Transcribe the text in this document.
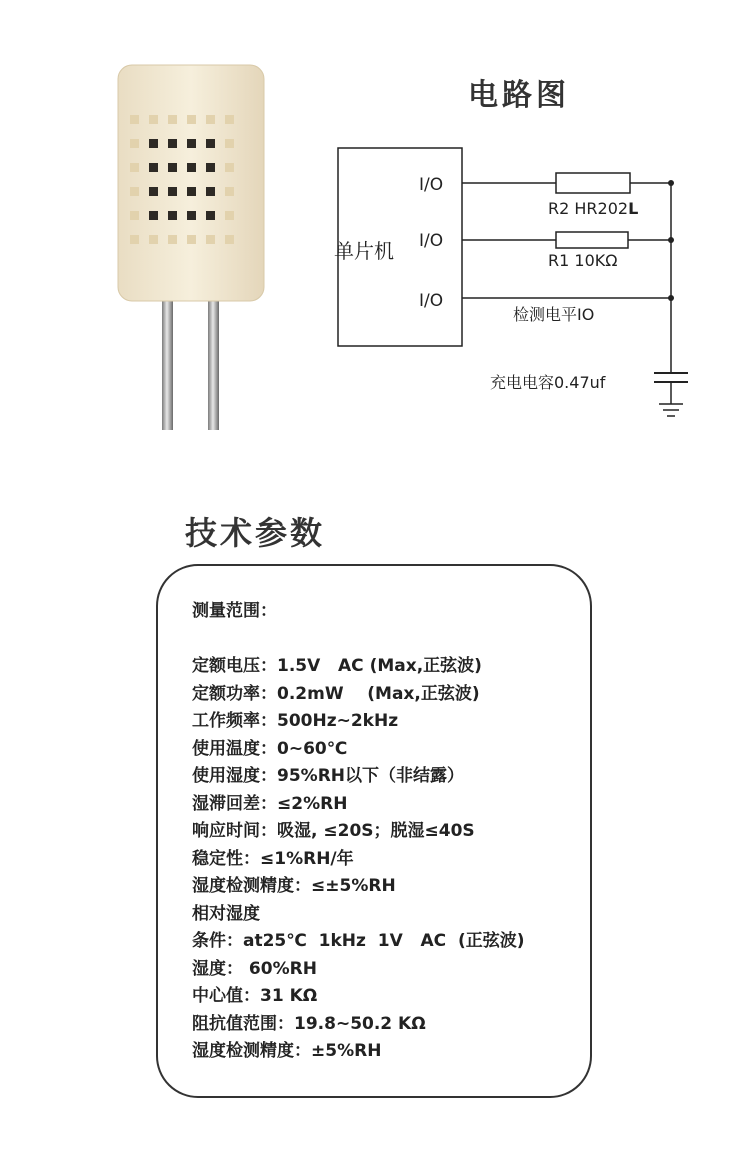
电路图
单片机
I/O
I/O
I/O
R2 HR202L
R1 10KΩ
检测电平IO
充电电容0.47uf
技术参数
测量范围：
定额电压：1.5V   AC (Max,正弦波)
定额功率：0.2mW    (Max,正弦波)
工作频率：500Hz~2kHz
使用温度：0~60℃
使用湿度：95%RH以下（非结露）
湿滞回差：≤2%RH
响应时间：吸湿, ≤20S；脱湿≤40S
稳定性：≤1%RH/年
湿度检测精度：≤±5%RH
相对湿度
条件：at25℃  1kHz  1V   AC  (正弦波)
湿度： 60%RH
中心值：31 KΩ
阻抗值范围：19.8~50.2 KΩ
湿度检测精度：±5%RH
